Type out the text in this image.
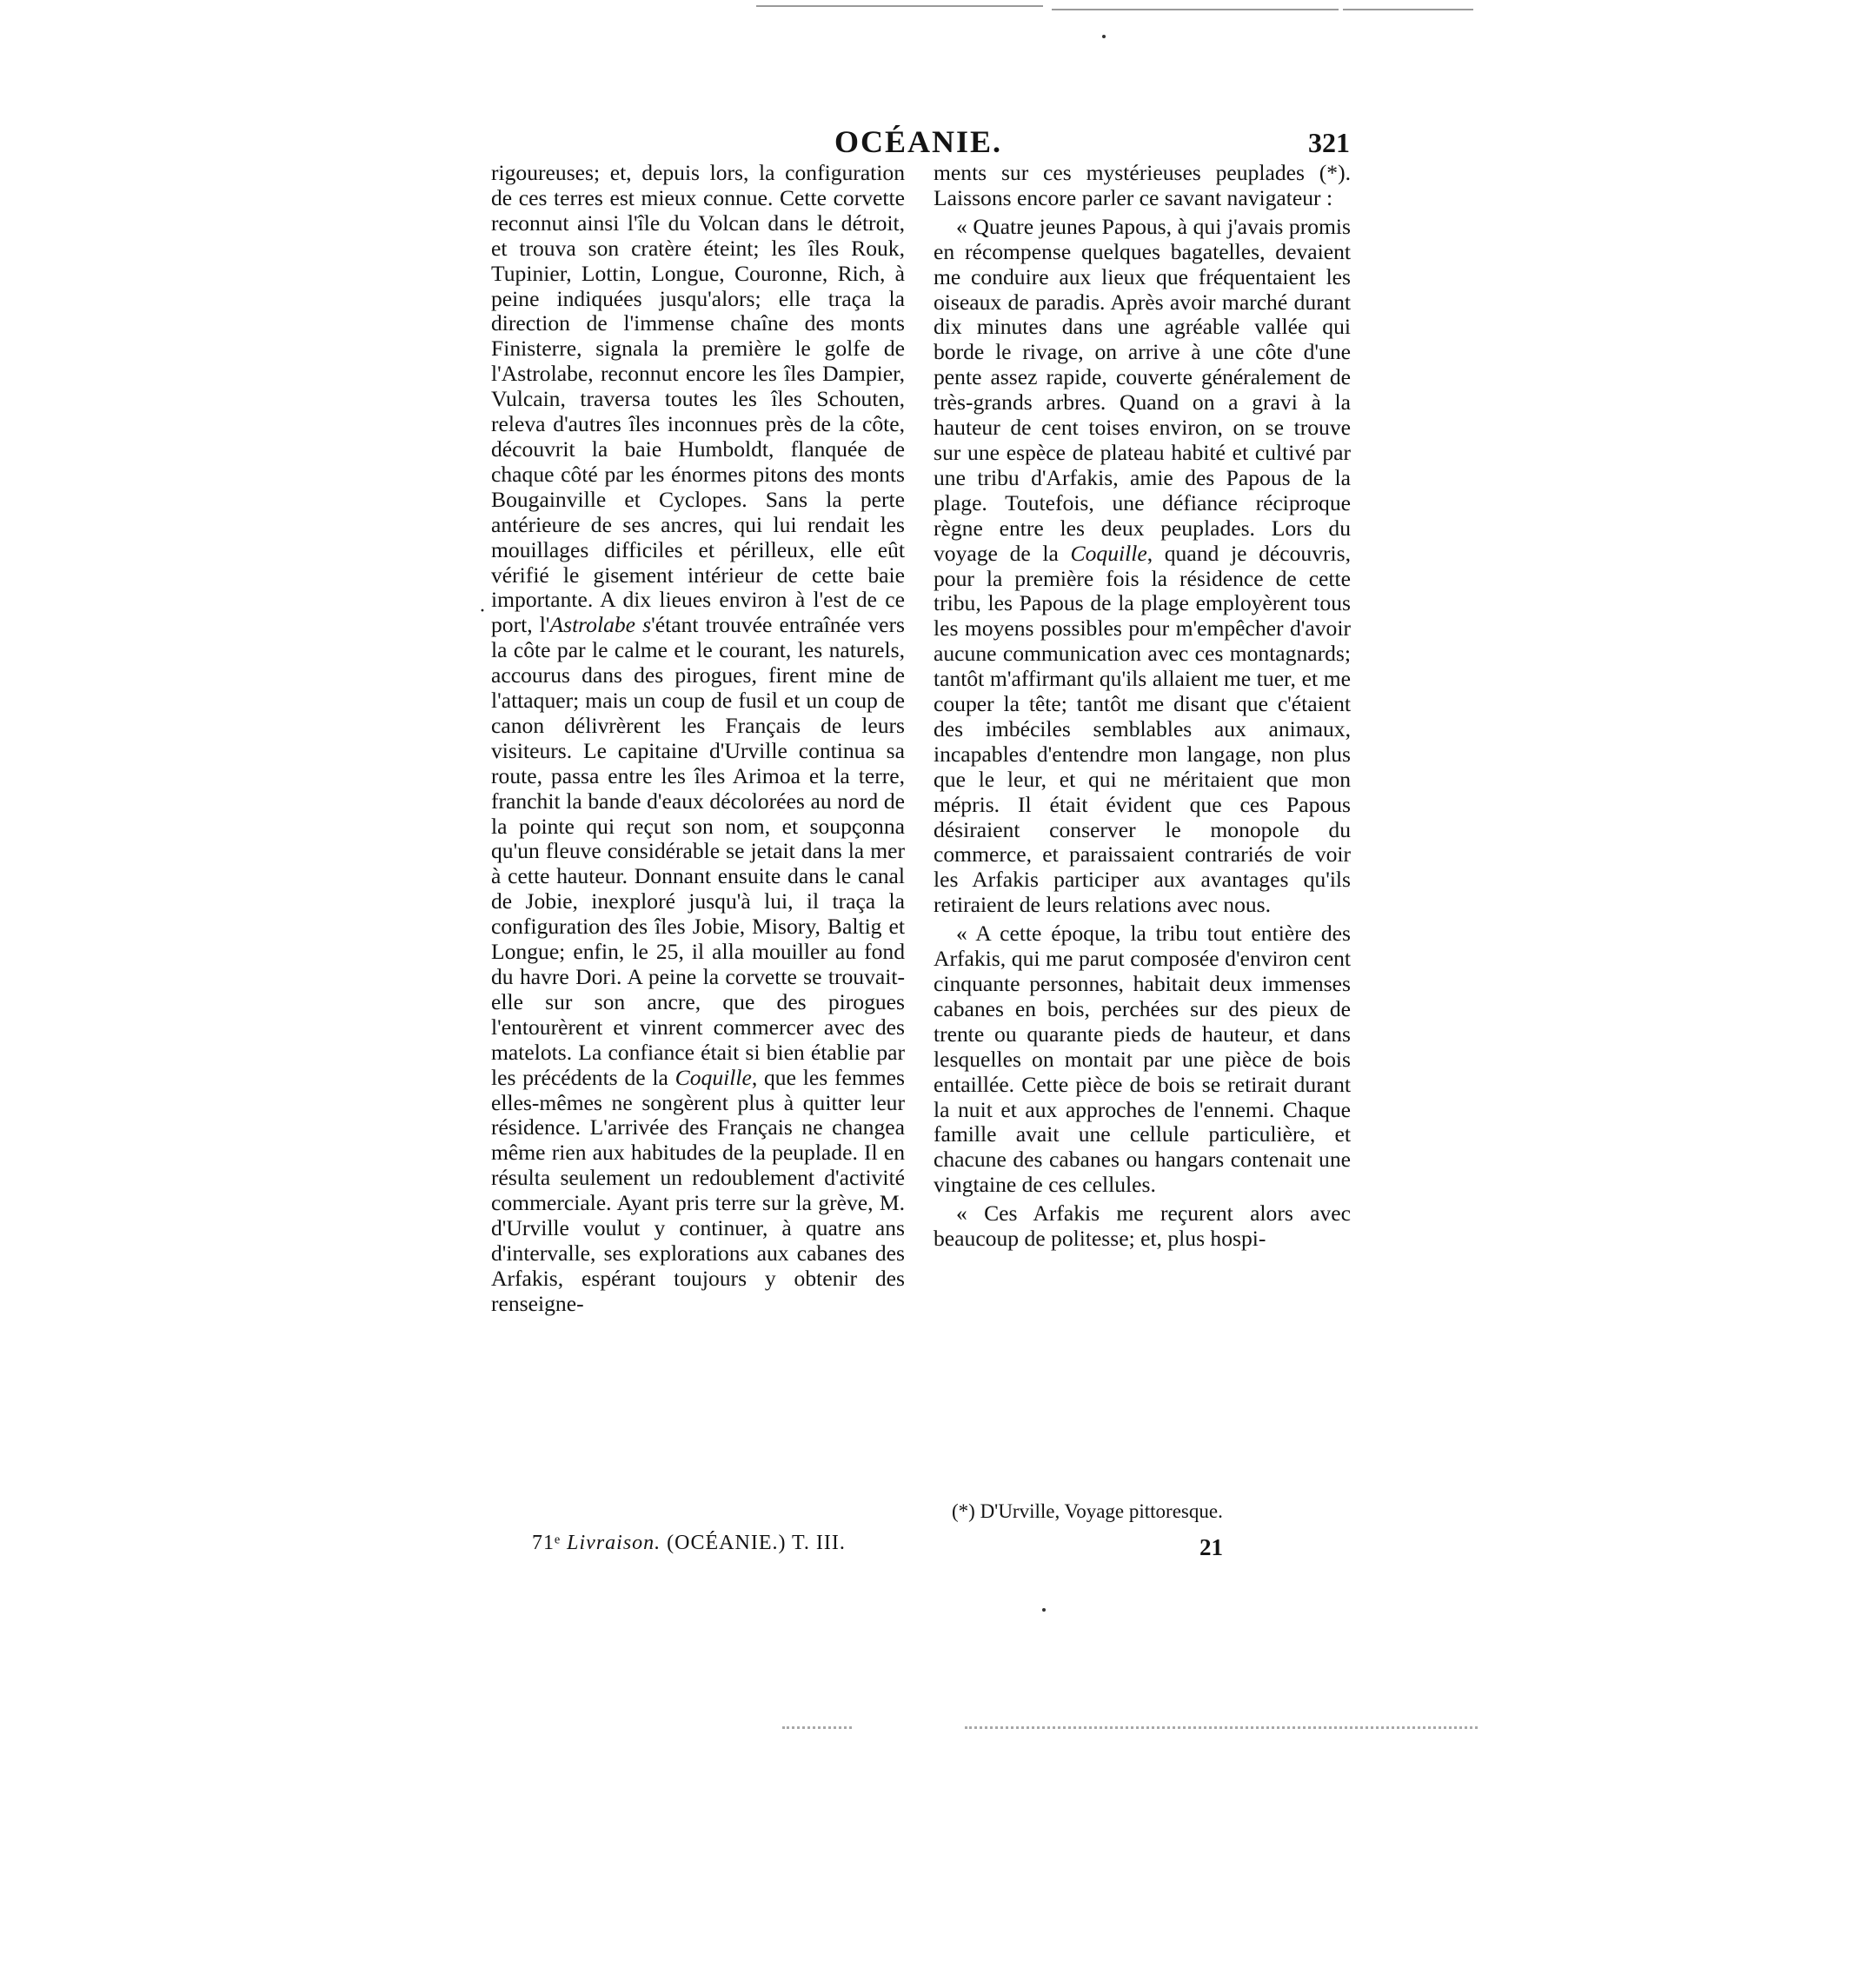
·
OCÉANIE.	321

rigoureuses; et, depuis lors, la configuration de ces terres est mieux connue. Cette corvette reconnut ainsi l'île du Volcan dans le détroit, et trouva son cratère éteint; les îles Rouk, Tupinier, Lottin, Longue, Couronne, Rich, à peine indiquées jusqu'alors; elle traça la direction de l'immense chaîne des monts Finisterre, signala la première le golfe de l'Astrolabe, reconnut encore les îles Dampier, Vulcain, traversa toutes les îles Schouten, releva d'autres îles inconnues près de la côte, découvrit la baie Humboldt, flanquée de chaque côté par les énormes pitons des monts Bougainville et Cyclopes. Sans la perte antérieure de ses ancres, qui lui rendait les mouillages difficiles et périlleux, elle eût vérifié le gisement intérieur de cette baie importante. A dix lieues environ à l'est de ce port, l'Astrolabe s'étant trouvée entraînée vers la côte par le calme et le courant, les naturels, accourus dans des pirogues, firent mine de l'attaquer; mais un coup de fusil et un coup de canon délivrèrent les Français de leurs visiteurs. Le capitaine d'Urville continua sa route, passa entre les îles Arimoa et la terre, franchit la bande d'eaux décolorées au nord de la pointe qui reçut son nom, et soupçonna qu'un fleuve considérable se jetait dans la mer à cette hauteur. Donnant ensuite dans le canal de Jobie, inexploré jusqu'à lui, il traça la configuration des îles Jobie, Misory, Baltig et Longue; enfin, le 25, il alla mouiller au fond du havre Dori. A peine la corvette se trouvait-elle sur son ancre, que des pirogues l'entourèrent et vinrent commercer avec des matelots. La confiance était si bien établie par les précédents de la Coquille, que les femmes elles-mêmes ne songèrent plus à quitter leur résidence. L'arrivée des Français ne changea même rien aux habitudes de la peuplade. Il en résulta seulement un redoublement d'activité commerciale. Ayant pris terre sur la grève, M. d'Urville voulut y continuer, à quatre ans d'intervalle, ses explorations aux cabanes des Arfakis, espérant toujours y obtenir des renseigne-

ments sur ces mystérieuses peuplades (*). Laissons encore parler ce savant navigateur :

« Quatre jeunes Papous, à qui j'avais promis en récompense quelques bagatelles, devaient me conduire aux lieux que fréquentaient les oiseaux de paradis. Après avoir marché durant dix minutes dans une agréable vallée qui borde le rivage, on arrive à une côte d'une pente assez rapide, couverte généralement de très-grands arbres. Quand on a gravi à la hauteur de cent toises environ, on se trouve sur une espèce de plateau habité et cultivé par une tribu d'Arfakis, amie des Papous de la plage. Toutefois, une défiance réciproque règne entre les deux peuplades. Lors du voyage de la Coquille, quand je découvris, pour la première fois la résidence de cette tribu, les Papous de la plage employèrent tous les moyens possibles pour m'empêcher d'avoir aucune communication avec ces montagnards; tantôt m'affirmant qu'ils allaient me tuer, et me couper la tête; tantôt me disant que c'étaient des imbéciles semblables aux animaux, incapables d'entendre mon langage, non plus que le leur, et qui ne méritaient que mon mépris. Il était évident que ces Papous désiraient conserver le monopole du commerce, et paraissaient contrariés de voir les Arfakis participer aux avantages qu'ils retiraient de leurs relations avec nous.

« A cette époque, la tribu tout entière des Arfakis, qui me parut composée d'environ cent cinquante personnes, habitait deux immenses cabanes en bois, perchées sur des pieux de trente ou quarante pieds de hauteur, et dans lesquelles on montait par une pièce de bois entaillée. Cette pièce de bois se retirait durant la nuit et aux approches de l'ennemi. Chaque famille avait une cellule particulière, et chacune des cabanes ou hangars contenait une vingtaine de ces cellules.

« Ces Arfakis me reçurent alors avec beaucoup de politesse; et, plus hospi-

(*) D'Urville, Voyage pittoresque.
71ᵉ Livraison. (OCÉANIE.) T. III.	21
